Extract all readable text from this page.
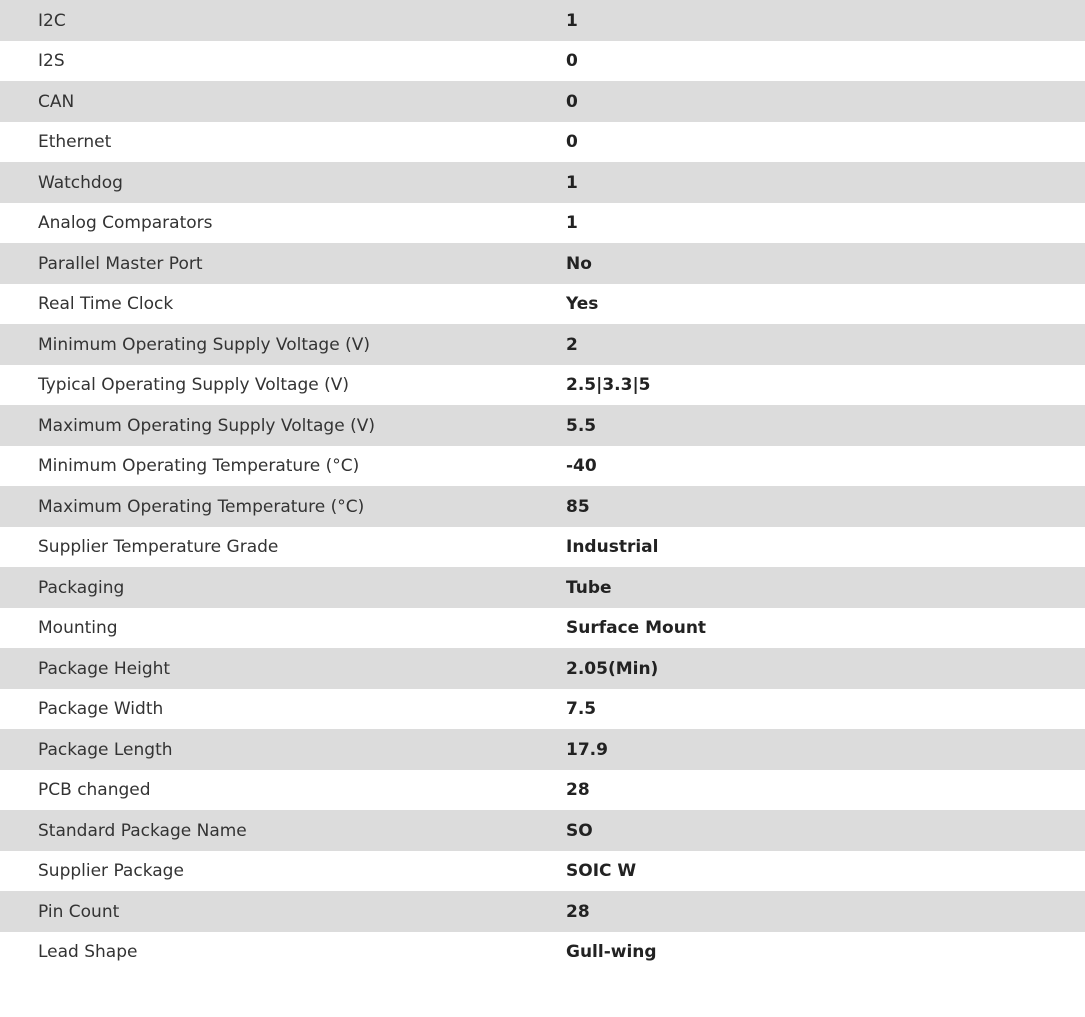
I2C	1
I2S	0
CAN	0
Ethernet	0
Watchdog	1
Analog Comparators	1
Parallel Master Port	No
Real Time Clock	Yes
Minimum Operating Supply Voltage (V)	2
Typical Operating Supply Voltage (V)	2.5|3.3|5
Maximum Operating Supply Voltage (V)	5.5
Minimum Operating Temperature (°C)	-40
Maximum Operating Temperature (°C)	85
Supplier Temperature Grade	Industrial
Packaging	Tube
Mounting	Surface Mount
Package Height	2.05(Min)
Package Width	7.5
Package Length	17.9
PCB changed	28
Standard Package Name	SO
Supplier Package	SOIC W
Pin Count	28
Lead Shape	Gull-wing
